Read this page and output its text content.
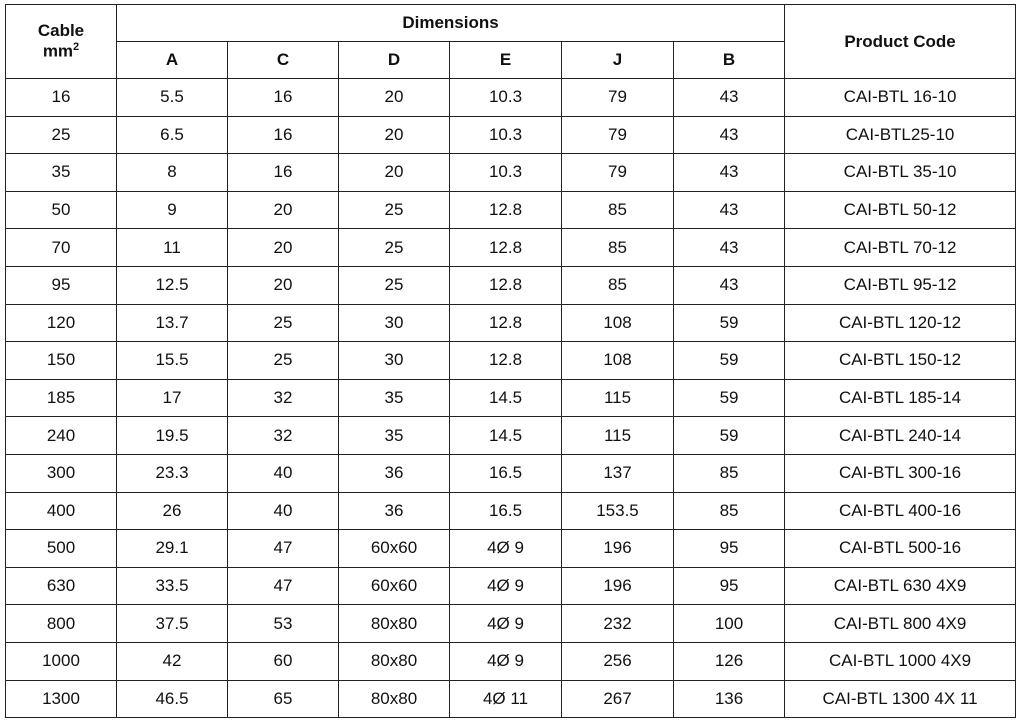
Cable
$mm^2$	Dimensions						Product Code
	A	C	D	E	J	B	
16	5.5	16	20	10.3	79	43	CAI-BTL 16-10
25	6.5	16	20	10.3	79	43	CAI-BTL25-10
35	8	16	20	10.3	79	43	CAI-BTL 35-10
50	9	20	25	12.8	85	43	CAI-BTL 50-12
70	11	20	25	12.8	85	43	CAI-BTL 70-12
95	12.5	20	25	12.8	85	43	CAI-BTL 95-12
120	13.7	25	30	12.8	108	59	CAI-BTL 120-12
150	15.5	25	30	12.8	108	59	CAI-BTL 150-12
185	17	32	35	14.5	115	59	CAI-BTL 185-14
240	19.5	32	35	14.5	115	59	CAI-BTL 240-14
300	23.3	40	36	16.5	137	85	CAI-BTL 300-16
400	26	40	36	16.5	153.5	85	CAI-BTL 400-16
500	29.1	47	60x60	4Ø 9	196	95	CAI-BTL 500-16
630	33.5	47	60x60	4Ø 9	196	95	CAI-BTL 630 4X9
800	37.5	53	80x80	4Ø 9	232	100	CAI-BTL 800 4X9
1000	42	60	80x80	4Ø 9	256	126	CAI-BTL 1000 4X9
1300	46.5	65	80x80	4Ø 11	267	136	CAI-BTL 1300 4X 11
